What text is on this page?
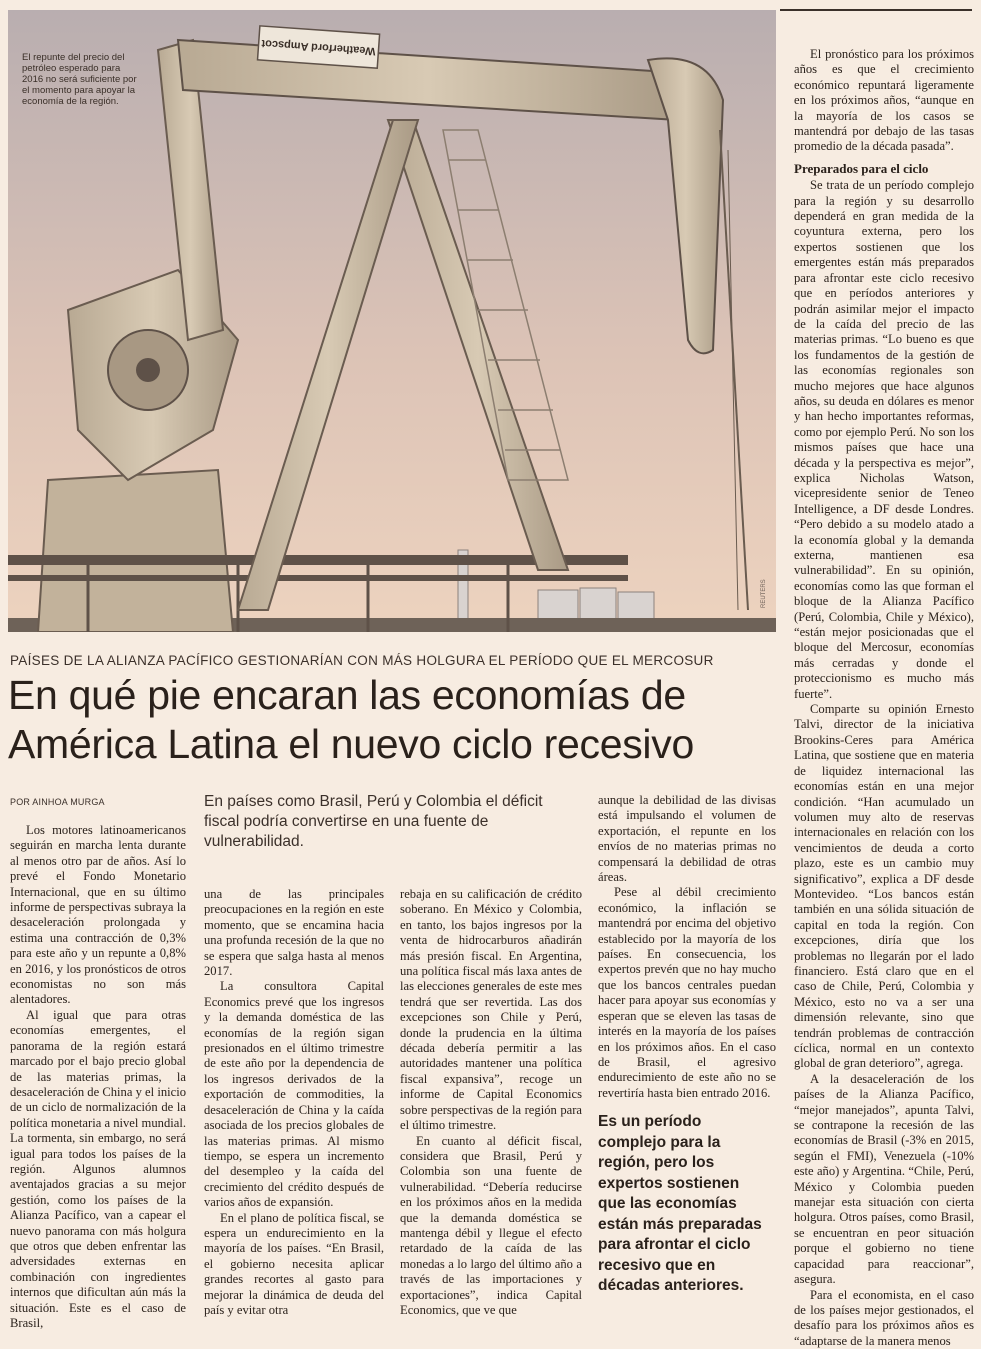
Weatherford Ampscot
El repunte del precio del petróleo esperado para 2016 no será suficiente por el momento para apoyar la economía de la región.
REUTERS
PAÍSES DE LA ALIANZA PACÍFICO GESTIONARÍAN CON MÁS HOLGURA EL PERÍODO QUE EL MERCOSUR
En qué pie encaran las economías de
América Latina el nuevo ciclo recesivo
POR AINHOA MURGA	En países como Brasil, Perú y Colombia el déficit fiscal podría convertirse en una fuente de vulnerabilidad.

Los motores latinoamericanos seguirán en marcha lenta durante al menos otro par de años. Así lo prevé el Fondo Monetario Internacional, que en su último informe de perspectivas subraya la desaceleración prolongada y estima una contracción de 0,3% para este año y un repunte a 0,8% en 2016, y los pronósticos de otros economistas no son más alentadores.

Al igual que para otras economías emergentes, el panorama de la región estará marcado por el bajo precio global de las materias primas, la desaceleración de China y el inicio de un ciclo de normalización de la política monetaria a nivel mundial. La tormenta, sin embargo, no será igual para todos los países de la región. Algunos alumnos aventajados gracias a su mejor gestión, como los países de la Alianza Pacífico, van a capear el nuevo panorama con más holgura que otros que deben enfrentar las adversidades externas en combinación con ingredientes internos que dificultan aún más la situación. Este es el caso de Brasil,

una de las principales preocupaciones en la región en este momento, que se encamina hacia una profunda recesión de la que no se espera que salga hasta al menos 2017.

La consultora Capital Economics prevé que los ingresos y la demanda doméstica de las economías de la región sigan presionados en el último trimestre de este año por la dependencia de los ingresos derivados de la exportación de commodities, la desaceleración de China y la caída asociada de los precios globales de las materias primas. Al mismo tiempo, se espera un incremento del desempleo y la caída del crecimiento del crédito después de varios años de expansión.

En el plano de política fiscal, se espera un endurecimiento en la mayoría de los países. “En Brasil, el gobierno necesita aplicar grandes recortes al gasto para mejorar la dinámica de deuda del país y evitar otra

rebaja en su calificación de crédito soberano. En México y Colombia, en tanto, los bajos ingresos por la venta de hidrocarburos añadirán más presión fiscal. En Argentina, una política fiscal más laxa antes de las elecciones generales de este mes tendrá que ser revertida. Las dos excepciones son Chile y Perú, donde la prudencia en la última década debería permitir a las autoridades mantener una política fiscal expansiva”, recoge un informe de Capital Economics sobre perspectivas de la región para el último trimestre.

En cuanto al déficit fiscal, considera que Brasil, Perú y Colombia son una fuente de vulnerabilidad. “Debería reducirse en los próximos años en la medida que la demanda doméstica se mantenga débil y llegue el efecto retardado de la caída de las monedas a lo largo del último año a través de las importaciones y exportaciones”, indica Capital Economics, que ve que

aunque la debilidad de las divisas está impulsando el volumen de exportación, el repunte en los envíos de no materias primas no compensará la debilidad de otras áreas.

Pese al débil crecimiento económico, la inflación se mantendrá por encima del objetivo establecido por la mayoría de los países. En consecuencia, los expertos prevén que no hay mucho que los bancos centrales puedan hacer para apoyar sus economías y esperan que se eleven las tasas de interés en la mayoría de los países en los próximos años. En el caso de Brasil, el agresivo endurecimiento de este año no se revertiría hasta bien entrado 2016.

Es un período complejo para la región, pero los expertos sostienen que las economías están más preparadas para afrontar el ciclo recesivo que en décadas anteriores.

El pronóstico para los próximos años es que el crecimiento económico repuntará ligeramente en los próximos años, “aunque en la mayoría de los casos se mantendrá por debajo de las tasas promedio de la década pasada”.

Preparados para el ciclo

Se trata de un período complejo para la región y su desarrollo dependerá en gran medida de la coyuntura externa, pero los expertos sostienen que los emergentes están más preparados para afrontar este ciclo recesivo que en períodos anteriores y podrán asimilar mejor el impacto de la caída del precio de las materias primas. “Lo bueno es que los fundamentos de la gestión de las economías regionales son mucho mejores que hace algunos años, su deuda en dólares es menor y han hecho importantes reformas, como por ejemplo Perú. No son los mismos países que hace una década y la perspectiva es mejor”, explica Nicholas Watson, vicepresidente senior de Teneo Intelligence, a DF desde Londres. “Pero debido a su modelo atado a la economía global y la demanda externa, mantienen esa vulnerabilidad”. En su opinión, economías como las que forman el bloque de la Alianza Pacífico (Perú, Colombia, Chile y México), “están mejor posicionadas que el bloque del Mercosur, economías más cerradas y donde el proteccionismo es mucho más fuerte”.

Comparte su opinión Ernesto Talvi, director de la iniciativa Brookins-Ceres para América Latina, que sostiene que en materia de liquidez internacional las economías están en una mejor condición. “Han acumulado un volumen muy alto de reservas internacionales en relación con los vencimientos de deuda a corto plazo, este es un cambio muy significativo”, explica a DF desde Montevideo. “Los bancos están también en una sólida situación de capital en toda la región. Con excepciones, diría que los problemas no llegarán por el lado financiero. Está claro que en el caso de Chile, Perú, Colombia y México, esto no va a ser una dimensión relevante, sino que tendrán problemas de contracción cíclica, normal en un contexto global de gran deterioro”, agrega.

A la desaceleración de los países de la Alianza Pacífico, “mejor manejados”, apunta Talvi, se contrapone la recesión de las economías de Brasil (-3% en 2015, según el FMI), Venezuela (-10% este año) y Argentina. “Chile, Perú, México y Colombia pueden manejar esta situación con cierta holgura. Otros países, como Brasil, se encuentran en peor situación porque el gobierno no tiene capacidad para reaccionar”, asegura.

Para el economista, en el caso de los países mejor gestionados, el desafío para los próximos años es “adaptarse de la manera menos
